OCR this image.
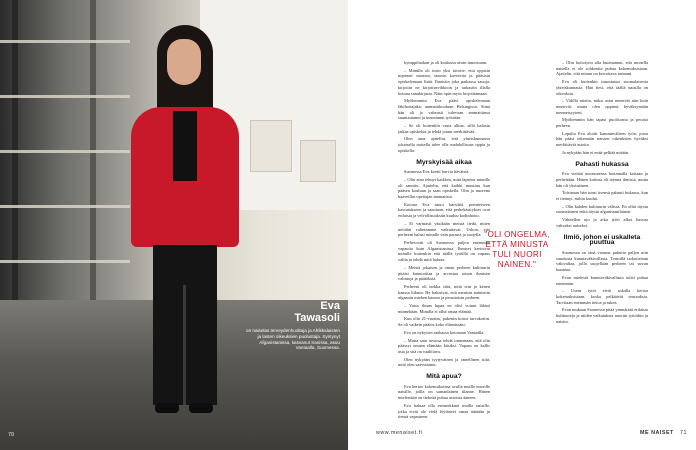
Eva
Tawasoli
on naiselas terveydenhuoltaja ja Afrikkalaisten ja lasten oikeuksien puolustaja. Syntynyt Afganistanissa, kasvanut Iranissa, asuu Vantaalla, Suomessa.
70

kymppiluokan ja oli koulussa aivan innoissaan.

– Minulla oli tosin yksi tavoite: että oppisin nopeasti suomen, tanssin kavereita ja pääsisin opiskelemaan lisää. Ihmisiin joka paikassa sanoja, kirjoitin ne kirjoitusvihkoon ja tarkastin illalla kotona sanakirjasta. Näin opin myös kirjoittamaan.

Myöhemmin Eva pääsi opiskelemaan lähihoitajaksi ammattikouluun Helsingissä. Siinä hän oli jo vahvasti tulevaan ammattiinsa suuntautunut ja innostunut työstään.

– Se oli kuitenkin vasta alkua, sillä halusin jatkaa opiskelua ja tehdä jotain merkittävää.

Olen aina ajatellut, että yhteiskunnassa jokaisella naisella tulee olla mahdollisuus oppia ja opiskella.

Myrskyisää aikaa

Suomessa Eva koetti hurvia häväistä.

– Olin aina tehnyt kaikkea, mitä lapsena minulle oli sanottu. Ajattelin, että kaikki muuttuu kun pääsen kouluun ja saan opiskella. Olin jo nuorena haaveillut opettajan ammatista.

Kotona Eva sanoi kärsittiä perinteiseen kasvatukseen ja sanotaan, että perhekäsitykset ovat erilaisia ja velvollisuuksiin kuuluu kodinhoito.

– Ei varmasti yksikään meistä tiedä, miten meidän valintamme vaikuttavat. Uskon, että perheeni halusi minulle vain parasta ja suojella.

Perhevoitti oli Suomessa paljon enemmän vapautta kuin Afganistanissa. Ihmiset kertoivat minulle kuitenkin että täällä tytöillä on vapaus valita ja tehdä mitä haluaa.

– Meistä jokaisen ja oman perheen kulttuurin pitäisi kunnioittaa ja arvostaa toisen ihmisen valintoja ja päätöksiä.

Perheeni oli tarkka siitä, mitä tein ja kenen kanssa liikuin. He halusivat, että menisin naimisiin afgaanin miehen kanssa ja perustaisin perheen.

– Vasta ilman lupaa en olisi voinut lähteä minnekään. Minulla ei ollut omaa elämää.

Kun olin 21-vuotias, pakenin kotoa turvakotiin. Se oli vaikein päätös koko elämässäni.

Eva on nykyisin rauhassa kotonaan Vantaalla.

– Mutta sain tuvassa tehdä tuntemaan, että olin päässyt omaan elämään käsiksi. Vapaus on kallis asia ja sitä on vaalittava.

Olen nykyään tyytyväinen ja onnellinen siitä, mitä olen saavuttanut.

Mitä apua?

Eva kertoo kokemuksensa avulla muille nuorille naisille, joilla on samanlainen tilanne. Hänen mielestään on tärkeää puhua asioista ääneen.

Eva haluaa olla esimerkkinä muille naisille, jotka eivät ole vielä löytäneet omaa ääntään ja tiensä vapauteen.

"OLI ONGELMA, ETTÄ MINUSTA TULI NUORI NAINEN."

– Olin hoitotyön alla huomannut, että monella naisella ei ole rohkeutta puhua kokemuksistaan. Ajattelin, että minun on kerrottava tarinani.

Eva oli kuitenkin innostunut suomalaisesta yhteiskunnasta. Hän tiesi, että täällä naisilla on oikeuksia.

– Välillä mietin, miksi asiat menevät niin kuin menevät, mutta olen oppinut hyväksymään menneisyyteni.

Myöhemmin hän tapasi puolisonsa ja perusti perheen.

Lopulta Eva aloitti kansainvälisen työn, jossa hän pääsi tekemään naisten oikeuksien hyväksi merkittäviä asioita.

Ja nykyään hän ei enää pelkää mitään.

Pahasti hukassa

Eva viettää nuoruutensa hoitamalla kotiaan ja perhettään. Hänen kotinsa oli täynnä ihmisiä, mutta hän oli yksinäinen.

Toisinaan hän tunsi itsensä pahasti hukassa, kun ei tiennyt, mihin kuului.

– Olin kahden kulttuurin välissä. En ollut täysin suomalainen enkä täysin afganistanilainen.

Vähitellen ujo ja arka tyttö alkoi kasvaa vahvaksi naiseksi.

Ilmiö, johon ei uskalleta puuttua

Suomessa on tänä vuonna puhuttu paljon niin sanotusta kunniaväkivallasta. Termillä tarkoitetaan väkivaltaa, jolla suojellaan perheen tai suvun kunniaa.

Evan mielestä kunniaväkivallasta tulisi puhua enemmän.

– Usein tytöt eivät uskalla kertoa kokemuksistaan, koska pelkäävät seurauksia. Tarvitaan enemmän tietoa ja tukea.

Evan mukaan Suomessa pitää ymmärtää erilaisia kulttuureja ja niiden vaikutuksia nuoriin tyttöihin ja naisiin.

www.menaiset.fi	ME NAISET 71
